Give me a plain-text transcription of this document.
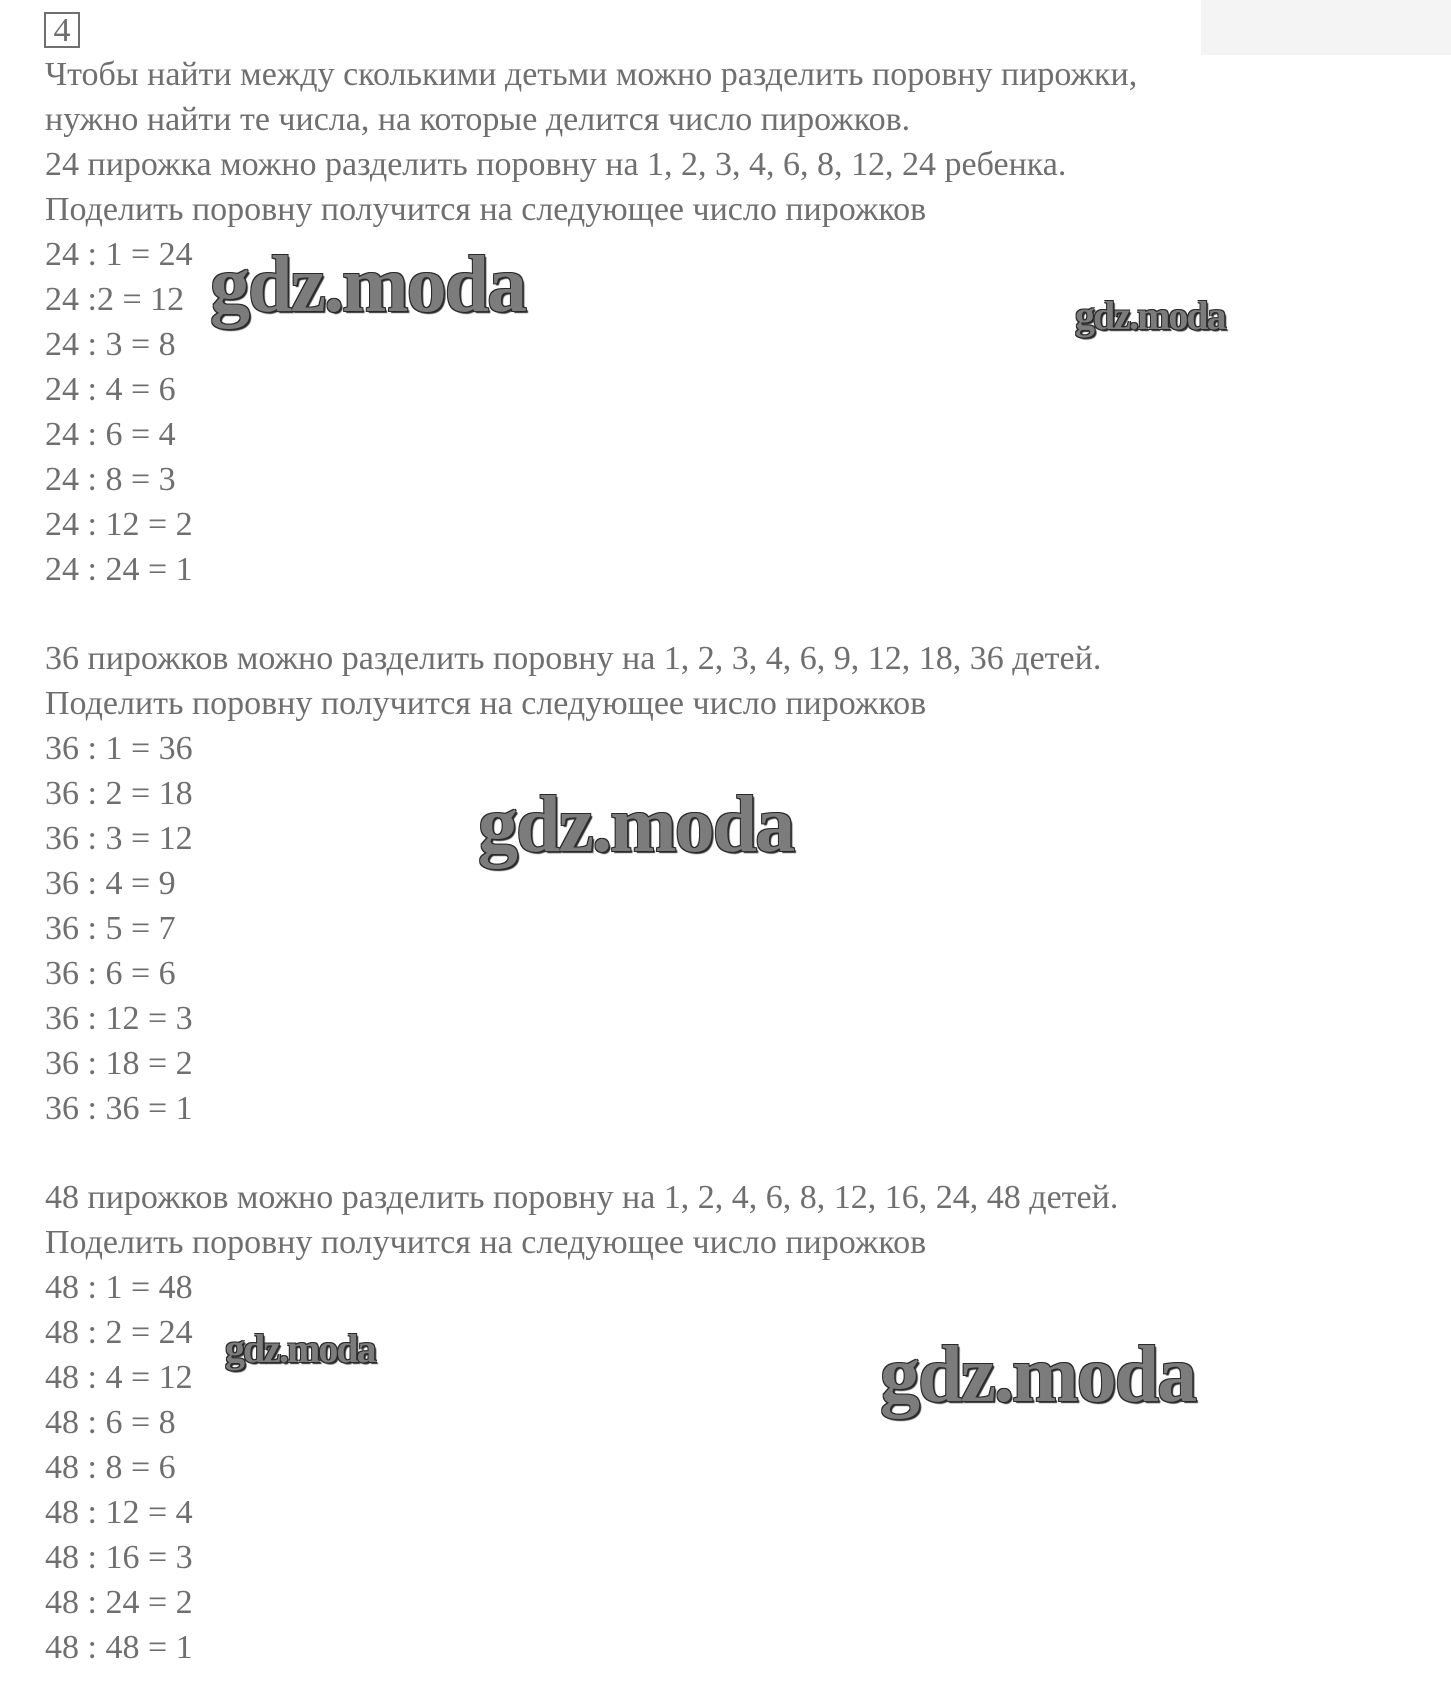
4
Чтобы найти между сколькими детьми можно разделить поровну пирожки,
нужно найти те числа, на которые делится число пирожков.
24 пирожка можно разделить поровну на 1, 2, 3, 4, 6, 8, 12, 24 ребенка.
Поделить поровну получится на следующее число пирожков
24 : 1 = 24
24 :2 = 12
24 : 3 = 8
24 : 4 = 6
24 : 6 = 4
24 : 8 = 3
24 : 12 = 2
24 : 24 = 1
36 пирожков можно разделить поровну на 1, 2, 3, 4, 6, 9, 12, 18, 36 детей.
Поделить поровну получится на следующее число пирожков
36 : 1 = 36
36 : 2 = 18
36 : 3 = 12
36 : 4 = 9
36 : 5 = 7
36 : 6 = 6
36 : 12 = 3
36 : 18 = 2
36 : 36 = 1
48 пирожков можно разделить поровну на 1, 2, 4, 6, 8, 12, 16, 24, 48 детей.
Поделить поровну получится на следующее число пирожков
48 : 1 = 48
48 : 2 = 24
48 : 4 = 12
48 : 6 = 8
48 : 8 = 6
48 : 12 = 4
48 : 16 = 3
48 : 24 = 2
48 : 48 = 1
gdz.moda	gdz.moda
gdz.moda
gdz.moda	gdz.moda
